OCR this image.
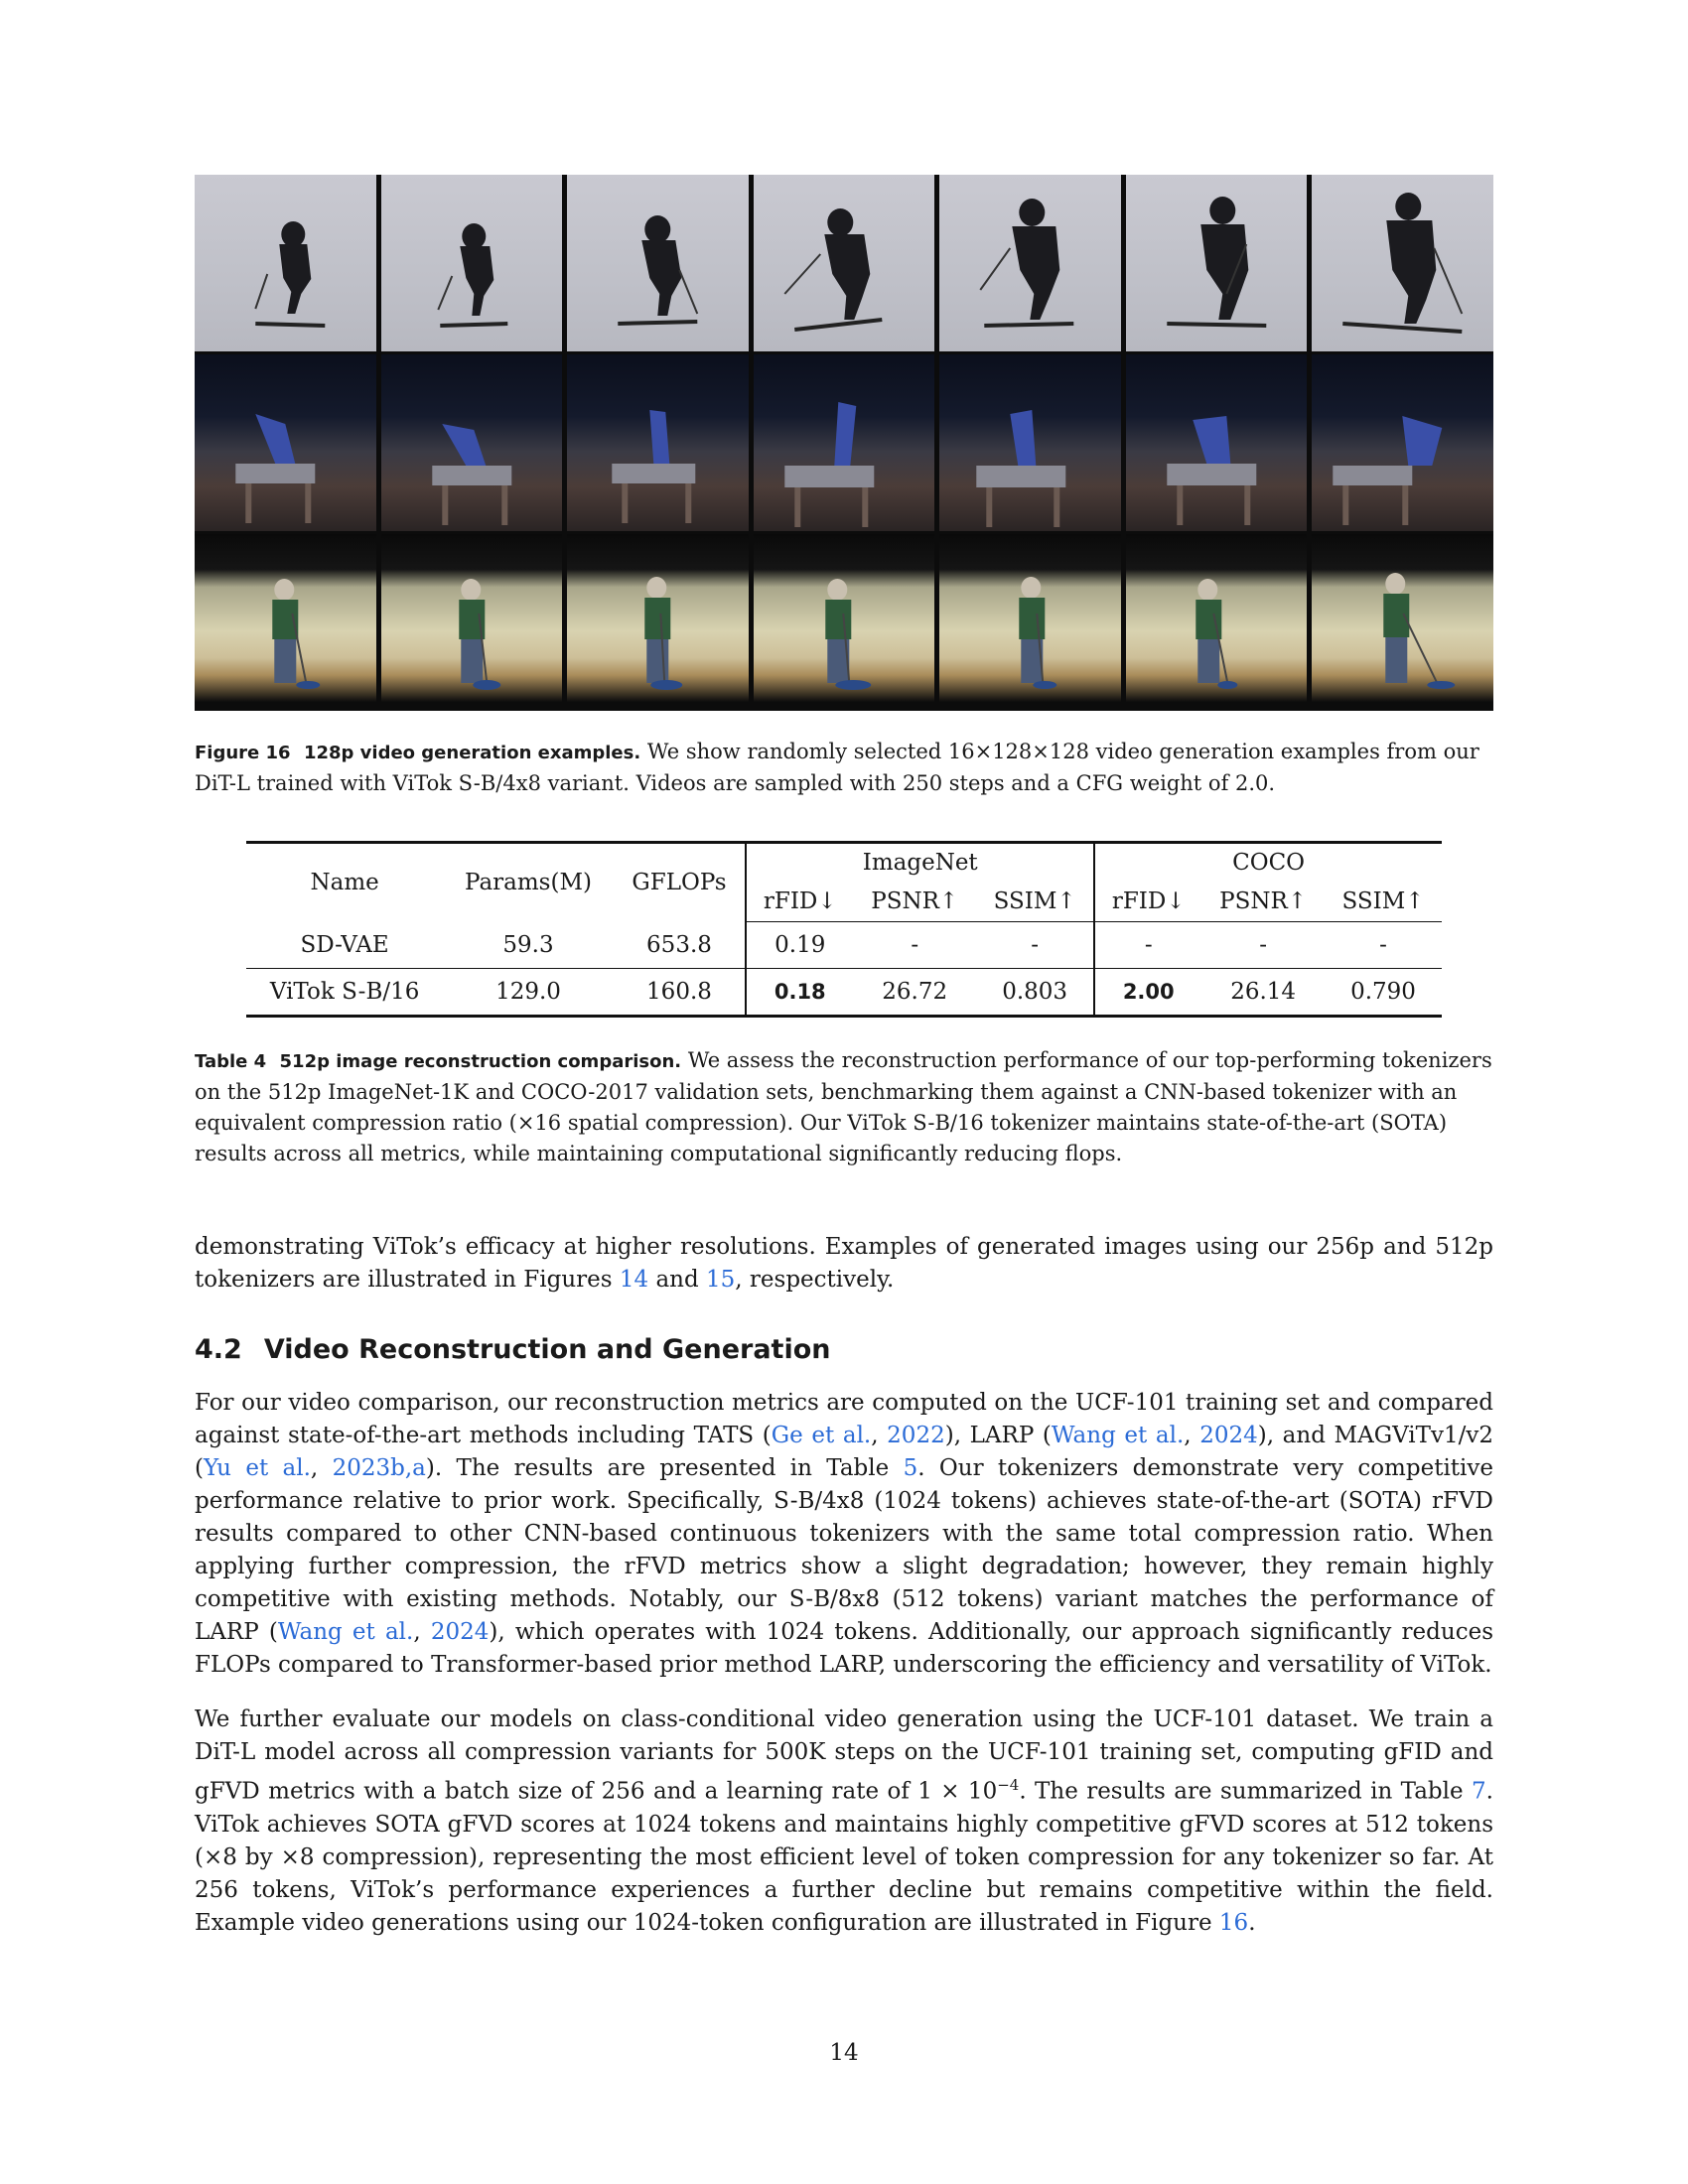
Figure 16 128p video generation examples. We show randomly selected 16×128×128 video generation examples from our DiT-L trained with ViTok S-B/4x8 variant. Videos are sampled with 250 steps and a CFG weight of 2.0.
Name	Params(M)	GFLOPs	ImageNet			COCO		
			rFID↓	PSNR↑	SSIM↑	rFID↓	PSNR↑	SSIM↑
SD-VAE	59.3	653.8	0.19	-	-	-	-	-
ViTok S-B/16	129.0	160.8	0.18	26.72	0.803	2.00	26.14	0.790
Table 4 512p image reconstruction comparison. We assess the reconstruction performance of our top-performing tokenizers on the 512p ImageNet-1K and COCO-2017 validation sets, benchmarking them against a CNN-based tokenizer with an equivalent compression ratio (×16 spatial compression). Our ViTok S-B/16 tokenizer maintains state-of-the-art (SOTA) results across all metrics, while maintaining computational significantly reducing flops.

demonstrating ViTok’s efficacy at higher resolutions. Examples of generated images using our 256p and 512p tokenizers are illustrated in Figures 14 and 15, respectively.

4.2 Video Reconstruction and Generation

For our video comparison, our reconstruction metrics are computed on the UCF-101 training set and compared against state-of-the-art methods including TATS (Ge et al., 2022), LARP (Wang et al., 2024), and MAGViTv1/v2 (Yu et al., 2023b,a). The results are presented in Table 5. Our tokenizers demonstrate very competitive performance relative to prior work. Specifically, S-B/4x8 (1024 tokens) achieves state-of-the-art (SOTA) rFVD results compared to other CNN-based continuous tokenizers with the same total compression ratio. When applying further compression, the rFVD metrics show a slight degradation; however, they remain highly competitive with existing methods. Notably, our S-B/8x8 (512 tokens) variant matches the performance of LARP (Wang et al., 2024), which operates with 1024 tokens. Additionally, our approach significantly reduces FLOPs compared to Transformer-based prior method LARP, underscoring the efficiency and versatility of ViTok.

We further evaluate our models on class-conditional video generation using the UCF-101 dataset. We train a DiT-L model across all compression variants for 500K steps on the UCF-101 training set, computing gFID and gFVD metrics with a batch size of 256 and a learning rate of $1 \times 10^{-4}$. The results are summarized in Table 7. ViTok achieves SOTA gFVD scores at 1024 tokens and maintains highly competitive gFVD scores at 512 tokens (×8 by ×8 compression), representing the most efficient level of token compression for any tokenizer so far. At 256 tokens, ViTok’s performance experiences a further decline but remains competitive within the field. Example video generations using our 1024-token configuration are illustrated in Figure 16.

14
